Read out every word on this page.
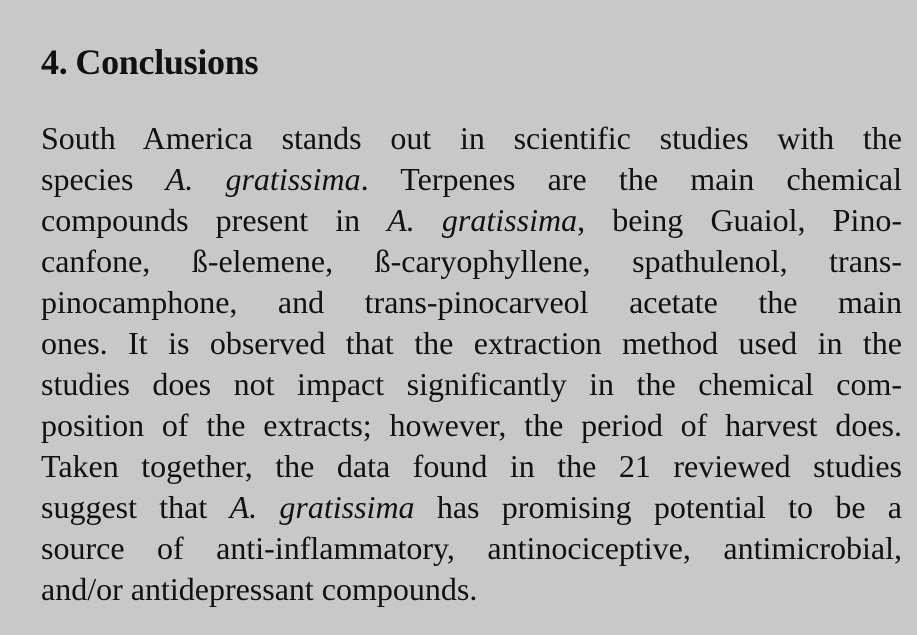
4. Conclusions
South America stands out in scientific studies with the
species A. gratissima. Terpenes are the main chemical
compounds present in A. gratissima, being Guaiol, Pino-
canfone, ß-elemene, ß-caryophyllene, spathulenol, trans-
pinocamphone, and trans-pinocarveol acetate the main
ones. It is observed that the extraction method used in the
studies does not impact significantly in the chemical com-
position of the extracts; however, the period of harvest does.
Taken together, the data found in the 21 reviewed studies
suggest that A. gratissima has promising potential to be a
source of anti-inflammatory, antinociceptive, antimicrobial,
and/or antidepressant compounds.
